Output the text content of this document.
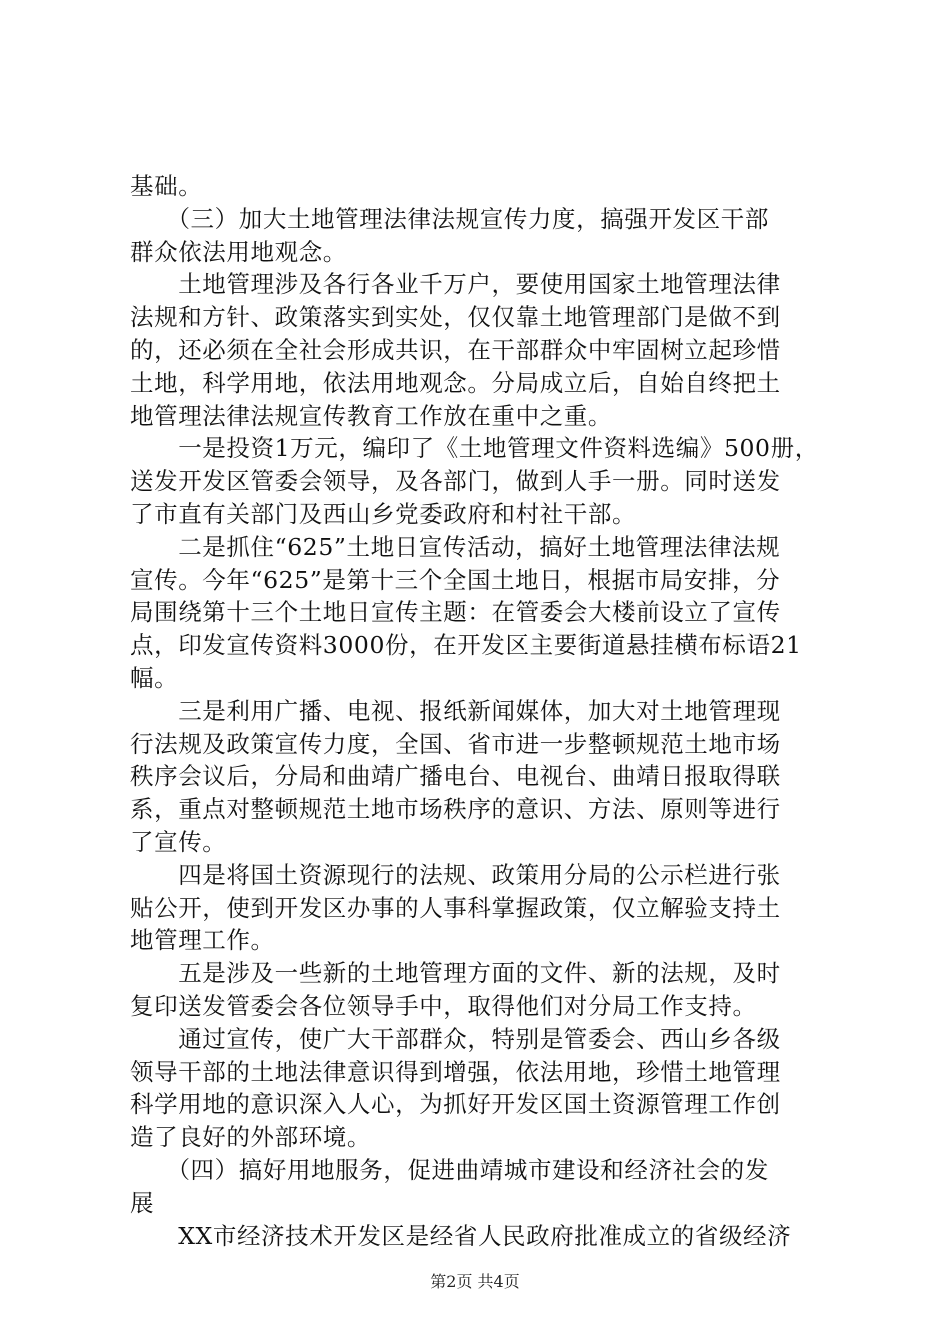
基础。
　　（三）加大土地管理法律法规宣传力度，搞强开发区干部
群众依法用地观念。
　　土地管理涉及各行各业千万户，要使用国家土地管理法律
法规和方针、政策落实到实处，仅仅靠土地管理部门是做不到
的，还必须在全社会形成共识，在干部群众中牢固树立起珍惜
土地，科学用地，依法用地观念。分局成立后，自始自终把土
地管理法律法规宣传教育工作放在重中之重。
　　一是投资1万元，编印了《土地管理文件资料选编》500册，
送发开发区管委会领导，及各部门，做到人手一册。同时送发
了市直有关部门及西山乡党委政府和村社干部。
　　二是抓住“625”土地日宣传活动，搞好土地管理法律法规
宣传。今年“625”是第十三个全国土地日，根据市局安排，分
局围绕第十三个土地日宣传主题：在管委会大楼前设立了宣传
点，印发宣传资料3000份，在开发区主要街道悬挂横布标语21
幅。
　　三是利用广播、电视、报纸新闻媒体，加大对土地管理现
行法规及政策宣传力度，全国、省市进一步整顿规范土地市场
秩序会议后，分局和曲靖广播电台、电视台、曲靖日报取得联
系，重点对整顿规范土地市场秩序的意识、方法、原则等进行
了宣传。
　　四是将国土资源现行的法规、政策用分局的公示栏进行张
贴公开，使到开发区办事的人事科掌握政策，仅立解验支持土
地管理工作。
　　五是涉及一些新的土地管理方面的文件、新的法规，及时
复印送发管委会各位领导手中，取得他们对分局工作支持。
　　通过宣传，使广大干部群众，特别是管委会、西山乡各级
领导干部的土地法律意识得到增强，依法用地，珍惜土地管理
科学用地的意识深入人心，为抓好开发区国土资源管理工作创
造了良好的外部环境。
　　（四）搞好用地服务，促进曲靖城市建设和经济社会的发
展
　　XX市经济技术开发区是经省人民政府批准成立的省级经济
第2页 共4页
